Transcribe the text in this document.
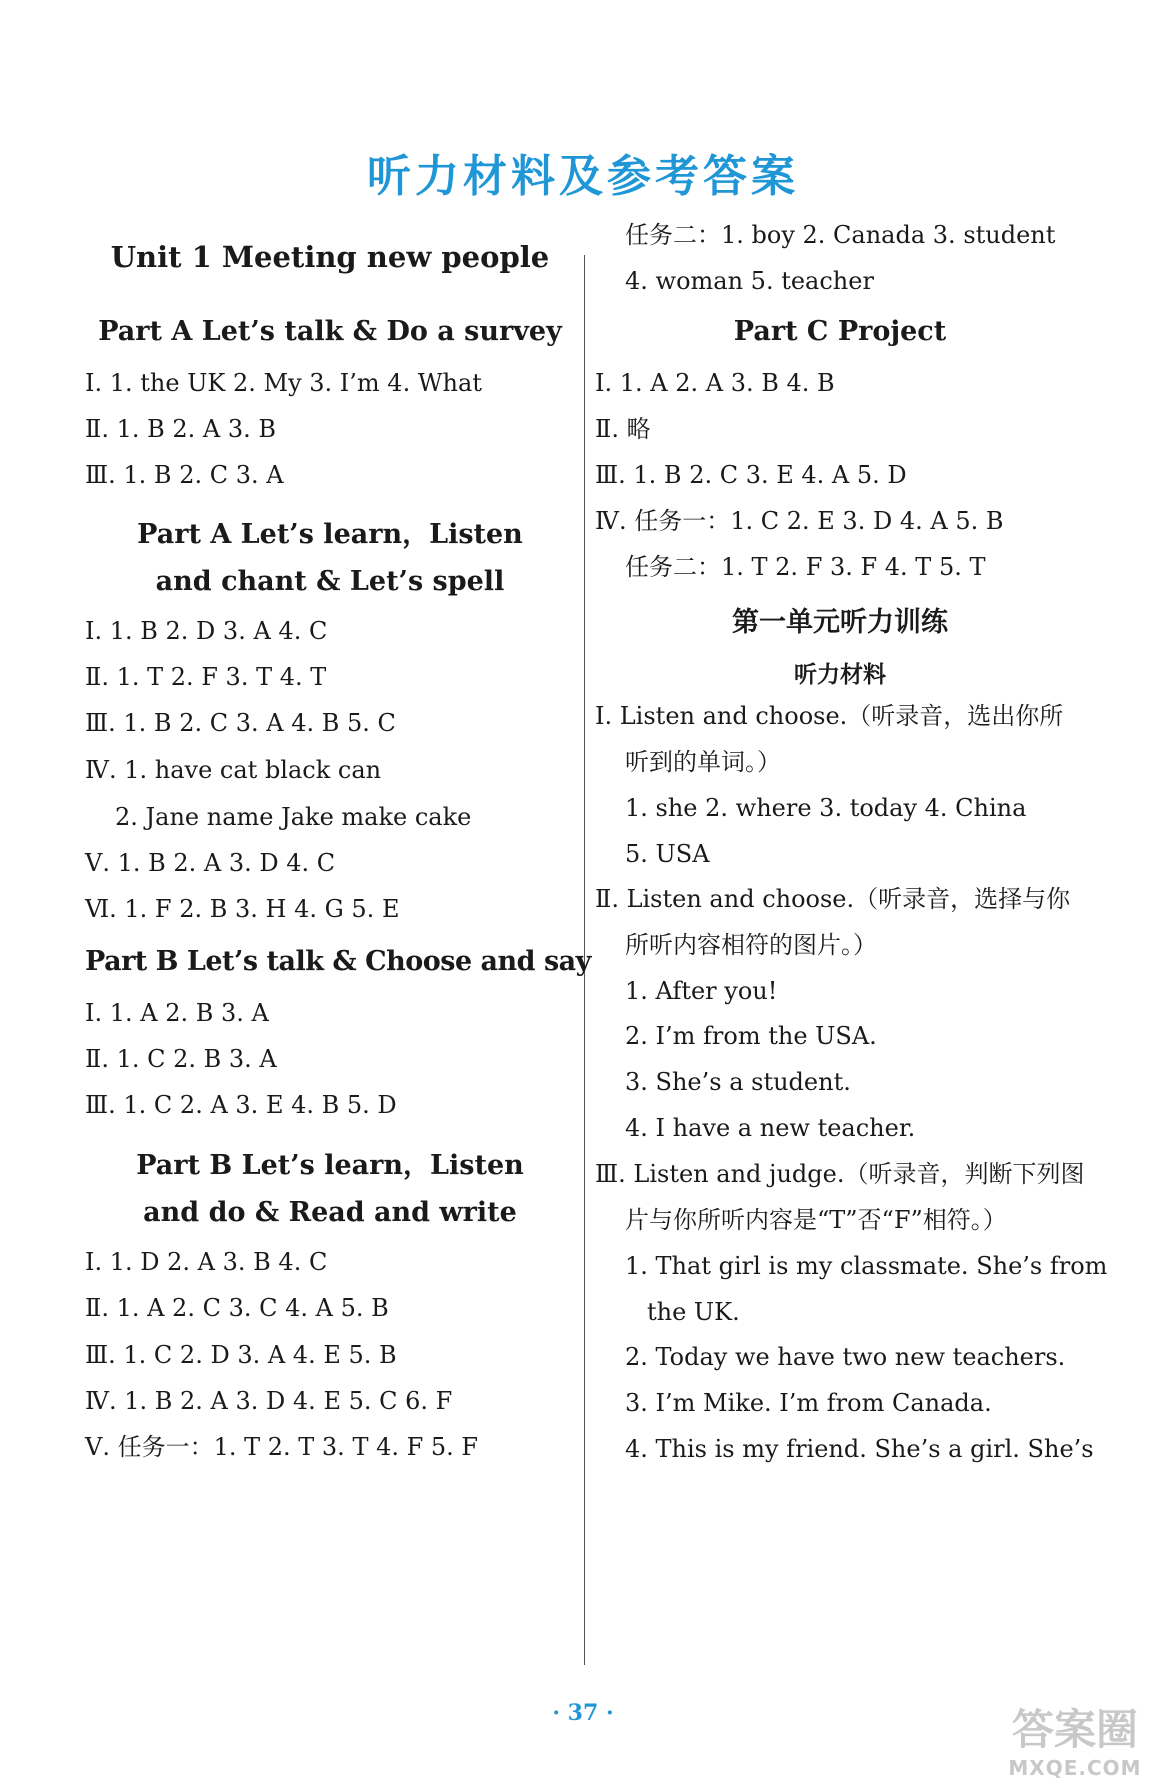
听力材料及参考答案
Unit 1 Meeting new people
Part A Let’s talk & Do a survey
Ⅰ. 1. the UK 2. My 3. I’m 4. What
Ⅱ. 1. B 2. A 3. B
Ⅲ. 1. B 2. C 3. A
Part A Let’s learn，Listen
and chant & Let’s spell
Ⅰ. 1. B 2. D 3. A 4. C
Ⅱ. 1. T 2. F 3. T 4. T
Ⅲ. 1. B 2. C 3. A 4. B 5. C
Ⅳ. 1. have cat black can
2. Jane name Jake make cake
Ⅴ. 1. B 2. A 3. D 4. C
Ⅵ. 1. F 2. B 3. H 4. G 5. E
Part B Let’s talk & Choose and say
Ⅰ. 1. A 2. B 3. A
Ⅱ. 1. C 2. B 3. A
Ⅲ. 1. C 2. A 3. E 4. B 5. D
Part B Let’s learn，Listen
and do & Read and write
Ⅰ. 1. D 2. A 3. B 4. C
Ⅱ. 1. A 2. C 3. C 4. A 5. B
Ⅲ. 1. C 2. D 3. A 4. E 5. B
Ⅳ. 1. B 2. A 3. D 4. E 5. C 6. F
Ⅴ. 任务一：1. T 2. T 3. T 4. F 5. F
任务二：1. boy 2. Canada 3. student
4. woman 5. teacher
Part C Project
Ⅰ. 1. A 2. A 3. B 4. B
Ⅱ. 略
Ⅲ. 1. B 2. C 3. E 4. A 5. D
Ⅳ. 任务一：1. C 2. E 3. D 4. A 5. B
任务二：1. T 2. F 3. F 4. T 5. T
第一单元听力训练
听力材料
Ⅰ. Listen and choose.（听录音，选出你所
听到的单词。）
1. she 2. where 3. today 4. China
5. USA
Ⅱ. Listen and choose.（听录音，选择与你
所听内容相符的图片。）
1. After you!
2. I’m from the USA.
3. She’s a student.
4. I have a new teacher.
Ⅲ. Listen and judge.（听录音，判断下列图
片与你所听内容是“T”否“F”相符。）
1. That girl is my classmate. She’s from
the UK.
2. Today we have two new teachers.
3. I’m Mike. I’m from Canada.
4. This is my friend. She’s a girl. She’s
· 37 ·	答案圈
MXQE.COM
